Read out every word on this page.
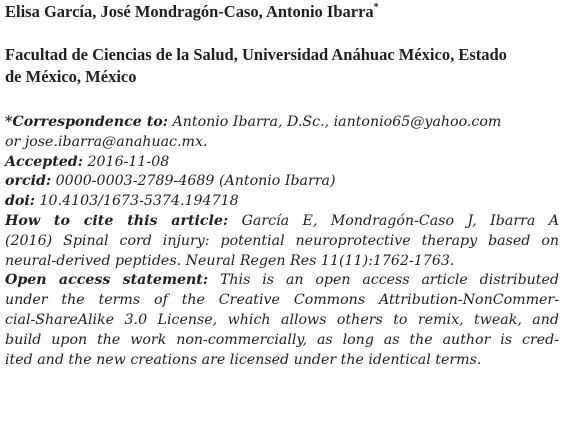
Elisa García, José Mondragón-Caso, Antonio Ibarra*
Facultad de Ciencias de la Salud, Universidad Anáhuac México, Estado
de México, México

*Correspondence to: Antonio Ibarra, D.Sc., iantonio65@yahoo.com
or jose.ibarra@anahuac.mx.

Accepted: 2016-11-08

orcid: 0000-0003-2789-4689 (Antonio Ibarra)

doi: 10.4103/1673-5374.194718

How to cite this article: García E, Mondragón-Caso J, Ibarra A
(2016) Spinal cord injury: potential neuroprotective therapy based on
neural-derived peptides. Neural Regen Res 11(11):1762-1763.

Open access statement: This is an open access article distributed
under the terms of the Creative Commons Attribution-NonCommer-
cial-ShareAlike 3.0 License, which allows others to remix, tweak, and
build upon the work non-commercially, as long as the author is cred-
ited and the new creations are licensed under the identical terms.
